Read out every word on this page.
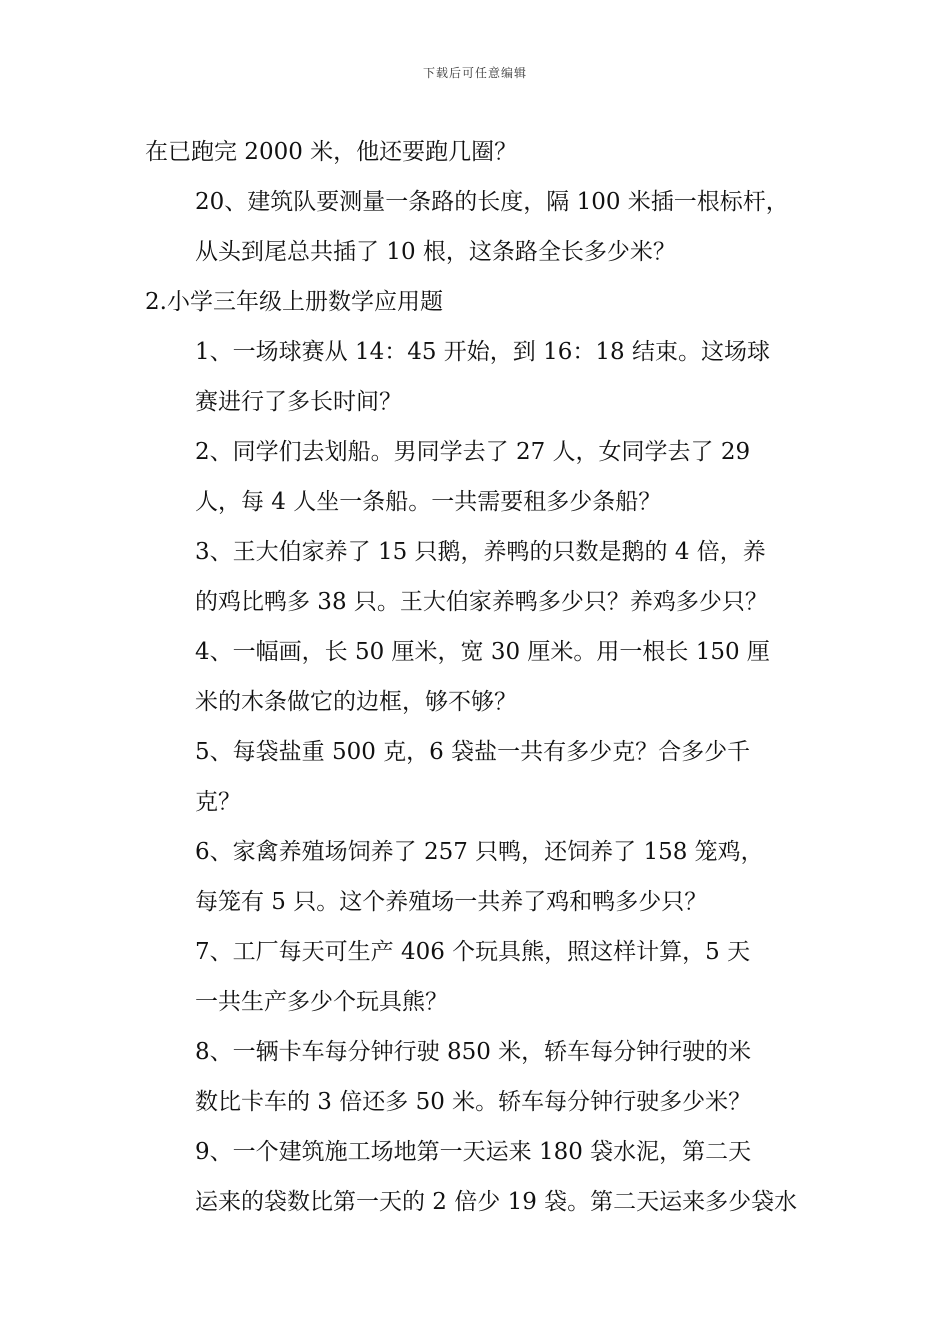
下载后可任意编辑

在已跑完 2000 米，他还要跑几圈？

20、建筑队要测量一条路的长度，隔 100 米插一根标杆，
从头到尾总共插了 10 根，这条路全长多少米？

2.小学三年级上册数学应用题

1、一场球赛从 14：45 开始，到 16：18 结束。这场球
赛进行了多长时间？

2、同学们去划船。男同学去了 27 人，女同学去了 29
人，每 4 人坐一条船。一共需要租多少条船？

3、王大伯家养了 15 只鹅，养鸭的只数是鹅的 4 倍，养
的鸡比鸭多 38 只。王大伯家养鸭多少只？养鸡多少只？

4、一幅画，长 50 厘米，宽 30 厘米。用一根长 150 厘
米的木条做它的边框，够不够？

5、每袋盐重 500 克，6 袋盐一共有多少克？合多少千
克？

6、家禽养殖场饲养了 257 只鸭，还饲养了 158 笼鸡，
每笼有 5 只。这个养殖场一共养了鸡和鸭多少只？

7、工厂每天可生产 406 个玩具熊，照这样计算，5 天
一共生产多少个玩具熊？

8、一辆卡车每分钟行驶 850 米，轿车每分钟行驶的米
数比卡车的 3 倍还多 50 米。轿车每分钟行驶多少米？

9、一个建筑施工场地第一天运来 180 袋水泥，第二天
运来的袋数比第一天的 2 倍少 19 袋。第二天运来多少袋水
